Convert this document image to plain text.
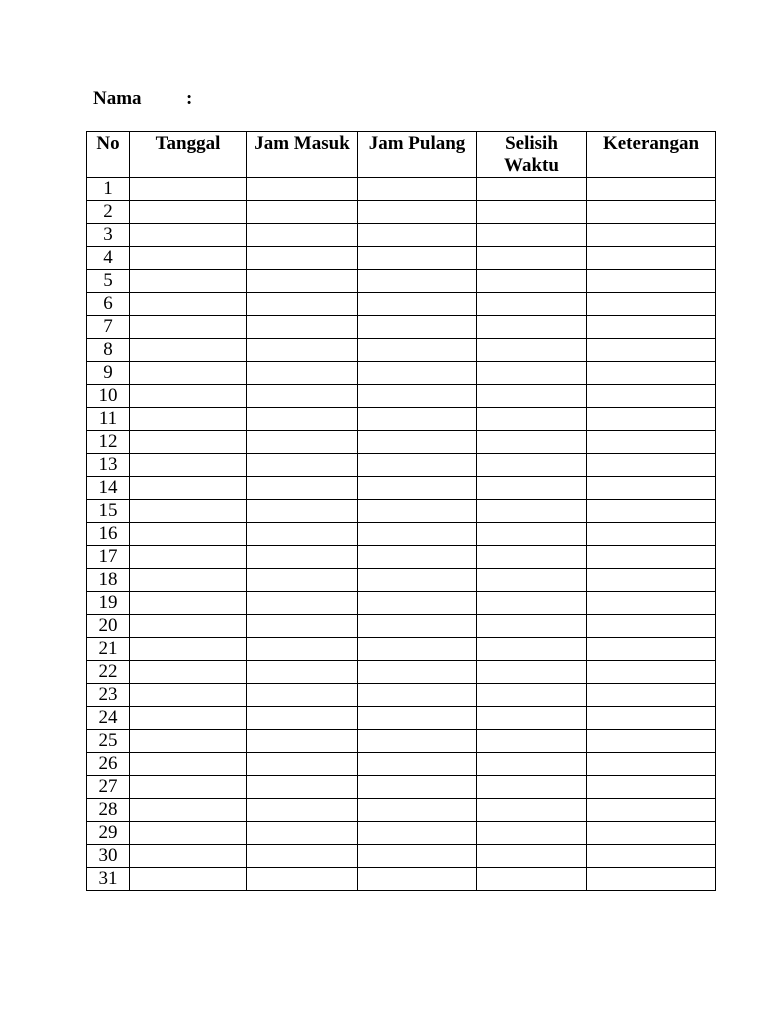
Nama :
No	Tanggal	Jam Masuk	Jam Pulang	Selisih Waktu	Keterangan
1					
2					
3					
4					
5					
6					
7					
8					
9					
10					
11					
12					
13					
14					
15					
16					
17					
18					
19					
20					
21					
22					
23					
24					
25					
26					
27					
28					
29					
30					
31					
